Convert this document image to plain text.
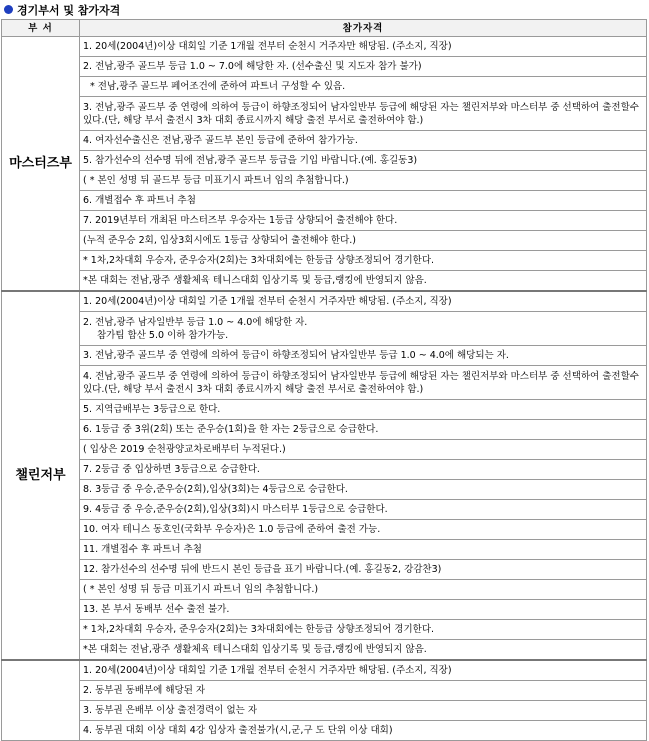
경기부서 및 참가자격
부 서	참가자격
마스터즈부	1. 20세(2004년)이상 대회일 기준 1개월 전부터 순천시 거주자만 해당됨. (주소지, 직장)

	2. 전남,광주 골드부 등급 1.0 ~ 7.0에 해당한 자. (선수출신 및 지도자 참가 불가)

	* 전남,광주 골드부 페어조건에 준하여 파트너 구성할 수 있음.

	3. 전남,광주 골드부 중 연령에 의하여 등급이 하향조정되어 남자일반부 등급에 해당된 자는 챌린저부와 마스터부 중 선택하여 출전할수있다.(단, 해당 부서 출전시 3차 대회 종료시까지 해당 출전 부서로 출전하여야 함.)

	4. 여자선수출신은 전남,광주 골드부 본인 등급에 준하여 참가가능.

	5. 참가선수의 선수명 뒤에 전남,광주 골드부 등급을 기입 바랍니다.(예. 홍길동3)

	( * 본인 성명 뒤 골드부 등급 미표기시 파트너 임의 추첨합니다.)

	6. 개별접수 후 파트너 추첨

	7. 2019년부터 개최된 마스터즈부 우승자는 1등급 상향되어 출전해야 한다.

	(누적 준우승 2회, 입상3회시에도 1등급 상향되어 출전해야 한다.)

	* 1차,2차대회 우승자, 준우승자(2회)는 3차대회에는 한등급 상향조정되어 경기한다.

	*본 대회는 전남,광주 생활체육 테니스대회 입상기록 및 등급,랭킹에 반영되지 않음.

챌린저부	1. 20세(2004년)이상 대회일 기준 1개월 전부터 순천시 거주자만 해당됨. (주소지, 직장)

	2. 전남,광주 남자일반부 등급 1.0 ~ 4.0에 해당한 자.
참가팀 합산 5.0 이하 참가가능.

	3. 전남,광주 골드부 중 연령에 의하여 등급이 하향조정되어 남자일반부 등급 1.0 ~ 4.0에 해당되는 자.

	4. 전남,광주 골드부 중 연령에 의하여 등급이 하향조정되어 남자일반부 등급에 해당된 자는 챌린저부와 마스터부 중 선택하여 출전할수있다.(단, 해당 부서 출전시 3차 대회 종료시까지 해당 출전 부서로 출전하여야 함.)

	5. 지역급배부는 3등급으로 한다.

	6. 1등급 중 3위(2회) 또는 준우승(1회)을 한 자는 2등급으로 승급한다.

	( 입상은 2019 순천광양교차로배부터 누적된다.)

	7. 2등급 중 입상하면 3등급으로 승급한다.

	8. 3등급 중 우승,준우승(2회),입상(3회)는 4등급으로 승급한다.

	9. 4등급 중 우승,준우승(2회),입상(3회)시 마스터부 1등급으로 승급한다.

	10. 여자 테니스 동호인(국화부 우승자)은 1.0 등급에 준하여 출전 가능.

	11. 개별접수 후 파트너 추첨

	12. 참가선수의 선수명 뒤에 반드시 본인 등급을 표기 바랍니다.(예. 홍길동2, 강감찬3)

	( * 본인 성명 뒤 등급 미표기시 파트너 임의 추첨합니다.)

	13. 본 부서 동배부 선수 출전 불가.

	* 1차,2차대회 우승자, 준우승자(2회)는 3차대회에는 한등급 상향조정되어 경기한다.

	*본 대회는 전남,광주 생활체육 테니스대회 입상기록 및 등급,랭킹에 반영되지 않음.

	1. 20세(2004년)이상 대회일 기준 1개월 전부터 순천시 거주자만 해당됨. (주소지, 직장)

	2. 동부권 동배부에 해당된 자

	3. 동부권 은배부 이상 출전경력이 없는 자

	4. 동부권 대회 이상 대회 4강 입상자 출전불가(시,군,구 도 단위 이상 대회)
